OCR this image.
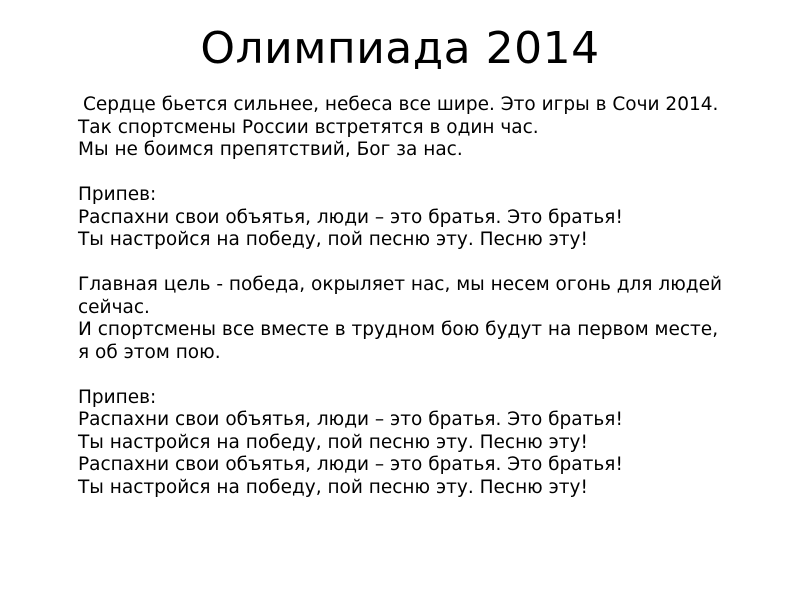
Олимпиада 2014
Сердце бьется сильнее, небеса все шире. Это игры в Сочи 2014.
Так спортсмены России встретятся в один час.
Мы не боимся препятствий, Бог за нас.
Припев:
Распахни свои объятья, люди – это братья. Это братья!
Ты настройся на победу, пой песню эту. Песню эту!
Главная цель - победа, окрыляет нас, мы несем огонь для людей сейчас.
И спортсмены все вместе в трудном бою будут на первом месте, я об этом пою.
Припев:
Распахни свои объятья, люди – это братья. Это братья!
Ты настройся на победу, пой песню эту. Песню эту!
Распахни свои объятья, люди – это братья. Это братья!
Ты настройся на победу, пой песню эту. Песню эту!
